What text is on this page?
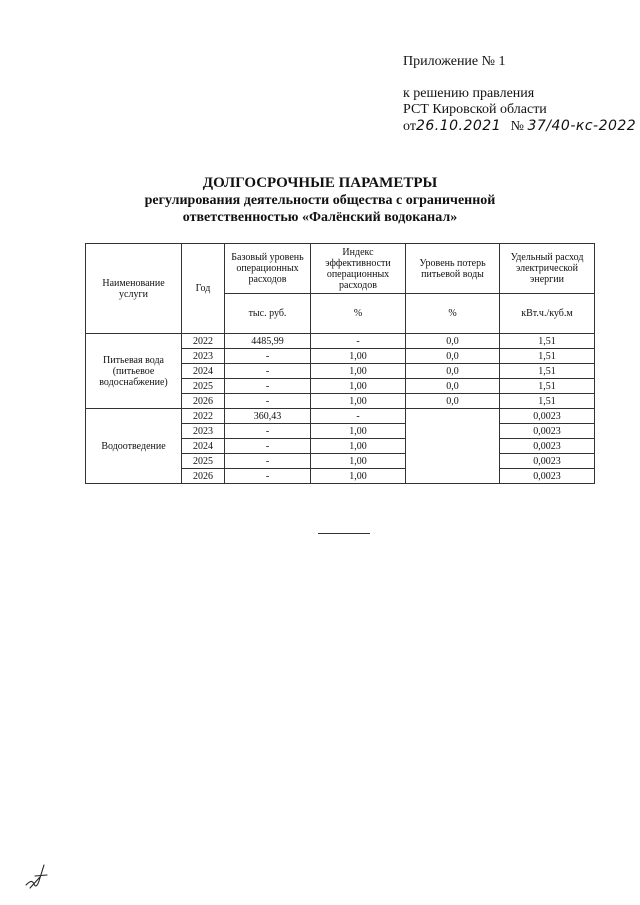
Приложение № 1
к решению правления
РСТ Кировской области
от26.10.2021 № 37/40-кс-2022
ДОЛГОСРОЧНЫЕ ПАРАМЕТРЫ
регулирования деятельности общества с ограниченной
ответственностью «Фалёнский водоканал»
Наименование услуги	Год	Базовый уровень операционных расходов	Индекс эффективности операционных расходов	Уровень потерь питьевой воды	Удельный расход электрической энергии
		тыс. руб.	%	%	кВт.ч./куб.м
Питьевая вода (питьевое водоснабжение)	2022	4485,99	-	0,0	1,51
	2023	-	1,00	0,0	1,51
	2024	-	1,00	0,0	1,51
	2025	-	1,00	0,0	1,51
	2026	-	1,00	0,0	1,51
Водоотведение	2022	360,43	-		0,0023
	2023	-	1,00		0,0023
	2024	-	1,00		0,0023
	2025	-	1,00		0,0023
	2026	-	1,00		0,0023
